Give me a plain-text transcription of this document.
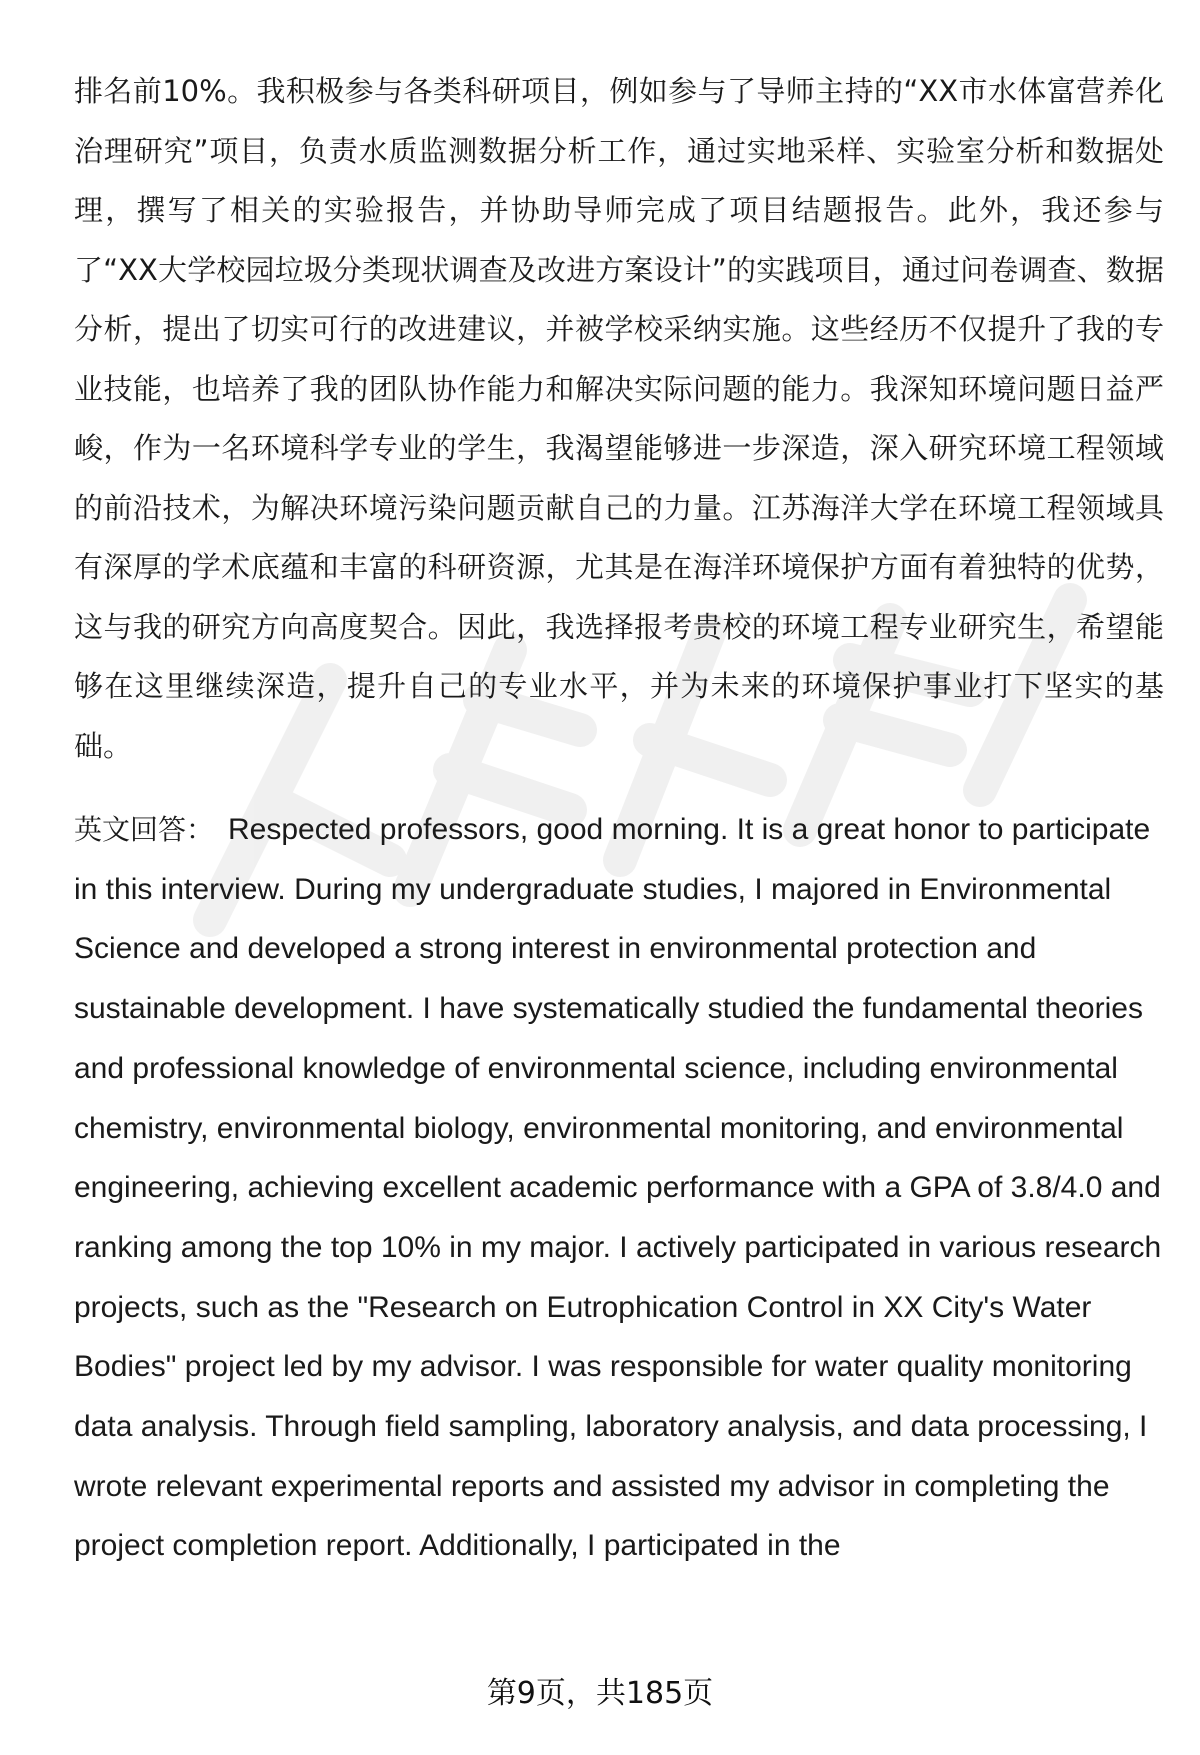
排名前10%。我积极参与各类科研项目，例如参与了导师主持的“XX市水体富营养化治理研究”项目，负责水质监测数据分析工作，通过实地采样、实验室分析和数据处理，撰写了相关的实验报告，并协助导师完成了项目结题报告。此外，我还参与了“XX大学校园垃圾分类现状调查及改进方案设计”的实践项目，通过问卷调查、数据分析，提出了切实可行的改进建议，并被学校采纳实施。这些经历不仅提升了我的专业技能，也培养了我的团队协作能力和解决实际问题的能力。我深知环境问题日益严峻，作为一名环境科学专业的学生，我渴望能够进一步深造，深入研究环境工程领域的前沿技术，为解决环境污染问题贡献自己的力量。江苏海洋大学在环境工程领域具有深厚的学术底蕴和丰富的科研资源，尤其是在海洋环境保护方面有着独特的优势，这与我的研究方向高度契合。因此，我选择报考贵校的环境工程专业研究生，希望能够在这里继续深造，提升自己的专业水平，并为未来的环境保护事业打下坚实的基础。

英文回答： Respected professors, good morning. It is a great honor to participate in this interview. During my undergraduate studies, I majored in Environmental Science and developed a strong interest in environmental protection and sustainable development. I have systematically studied the fundamental theories and professional knowledge of environmental science, including environmental chemistry, environmental biology, environmental monitoring, and environmental engineering, achieving excellent academic performance with a GPA of 3.8/4.0 and ranking among the top 10% in my major. I actively participated in various research projects, such as the "Research on Eutrophication Control in XX City's Water Bodies" project led by my advisor. I was responsible for water quality monitoring data analysis. Through field sampling, laboratory analysis, and data processing, I wrote relevant experimental reports and assisted my advisor in completing the project completion report. Additionally, I participated in the

第9页，共185页
